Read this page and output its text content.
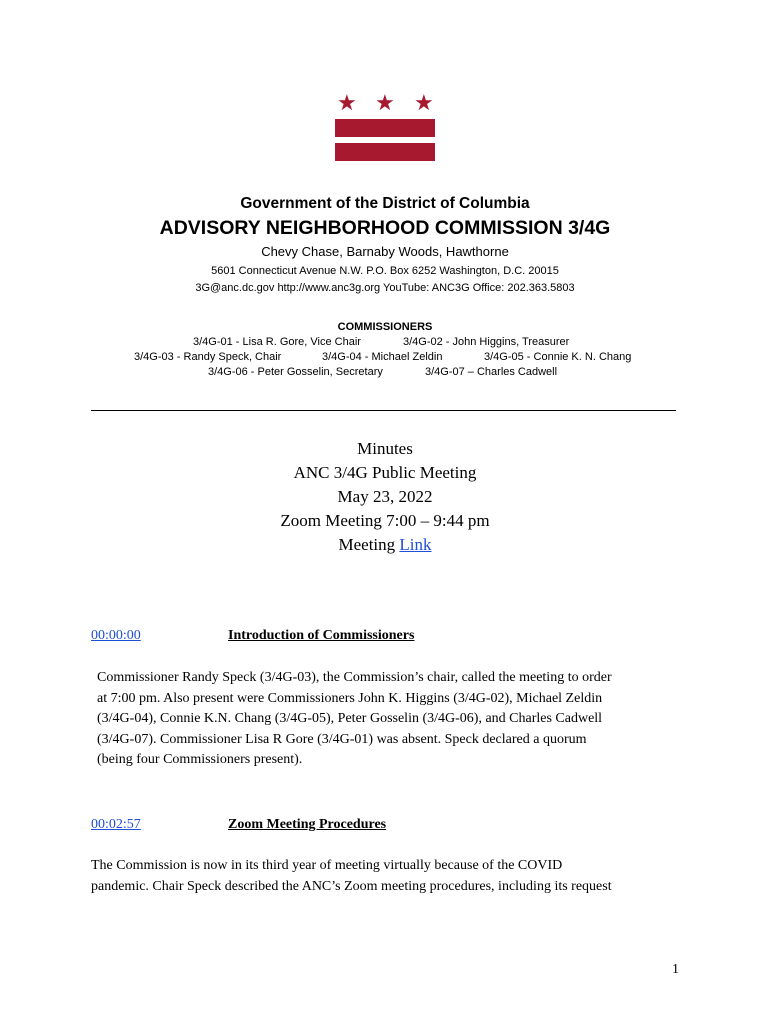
★ ★ ★
Government of the District of Columbia
ADVISORY NEIGHBORHOOD COMMISSION 3/4G
Chevy Chase, Barnaby Woods, Hawthorne
5601 Connecticut Avenue N.W. P.O. Box 6252 Washington, D.C. 20015
3G@anc.dc.gov http://www.anc3g.org YouTube: ANC3G Office: 202.363.5803
COMMISSIONERS
3/4G-01 - Lisa R. Gore, Vice Chair	3/4G-02 - John Higgins, Treasurer
3/4G-03 - Randy Speck, Chair	3/4G-04 - Michael Zeldin	3/4G-05 - Connie K. N. Chang
3/4G-06 - Peter Gosselin, Secretary	3/4G-07 – Charles Cadwell
Minutes
ANC 3/4G Public Meeting
May 23, 2022
Zoom Meeting 7:00 – 9:44 pm
Meeting Link
00:00:00	Introduction of Commissioners
Commissioner Randy Speck (3/4G-03), the Commission’s chair, called the meeting to order
at 7:00 pm. Also present were Commissioners John K. Higgins (3/4G-02), Michael Zeldin
(3/4G-04), Connie K.N. Chang (3/4G-05), Peter Gosselin (3/4G-06), and Charles Cadwell
(3/4G-07). Commissioner Lisa R Gore (3/4G-01) was absent. Speck declared a quorum
(being four Commissioners present).
00:02:57	Zoom Meeting Procedures
The Commission is now in its third year of meeting virtually because of the COVID
pandemic. Chair Speck described the ANC’s Zoom meeting procedures, including its request
1
